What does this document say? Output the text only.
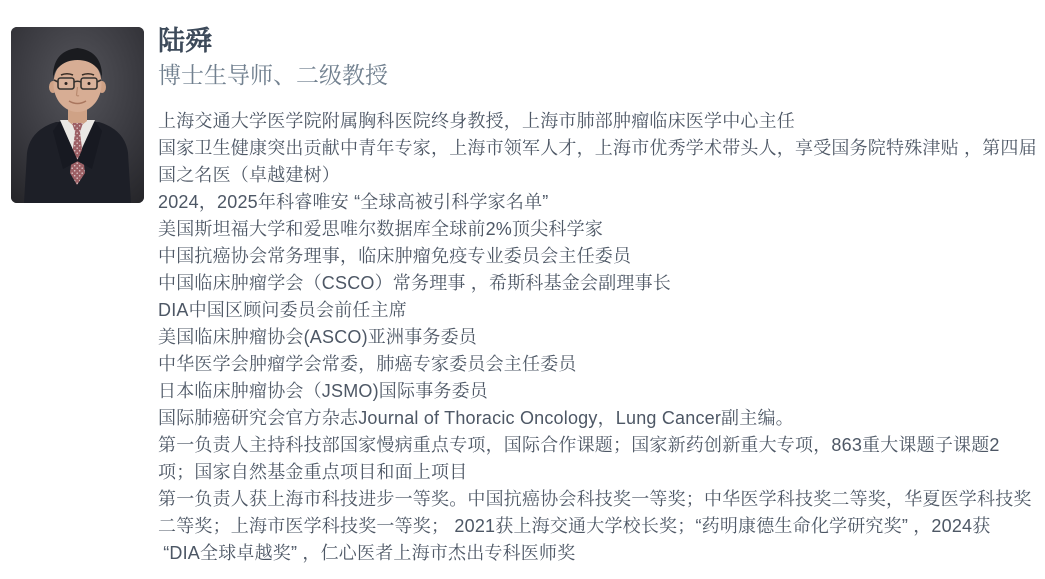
陆舜
博士生导师、二级教授
上海交通大学医学院附属胸科医院终身教授，上海市肺部肿瘤临床医学中心主任
国家卫生健康突出贡献中青年专家，上海市领军人才，上海市优秀学术带头人，享受国务院特殊津贴 ，第四届
国之名医（卓越建树）
2024，2025年科睿唯安 “全球高被引科学家名单”
美国斯坦福大学和爱思唯尔数据库全球前2%顶尖科学家
中国抗癌协会常务理事，临床肿瘤免疫专业委员会主任委员
中国临床肿瘤学会（CSCO）常务理事 ，希斯科基金会副理事长
DIA中国区顾问委员会前任主席
美国临床肿瘤协会(ASCO)亚洲事务委员
中华医学会肿瘤学会常委，肺癌专家委员会主任委员
日本临床肿瘤协会（JSMO)国际事务委员
国际肺癌研究会官方杂志Journal of Thoracic Oncology，Lung Cancer副主编。
第一负责人主持科技部国家慢病重点专项，国际合作课题；国家新药创新重大专项，863重大课题子课题2
项；国家自然基金重点项目和面上项目
第一负责人获上海市科技进步一等奖。中国抗癌协会科技奖一等奖；中华医学科技奖二等奖，华夏医学科技奖
二等奖；上海市医学科技奖一等奖； 2021获上海交通大学校长奖；“药明康德生命化学研究奖” ，2024获
“DIA全球卓越奖” ，仁心医者上海市杰出专科医师奖
